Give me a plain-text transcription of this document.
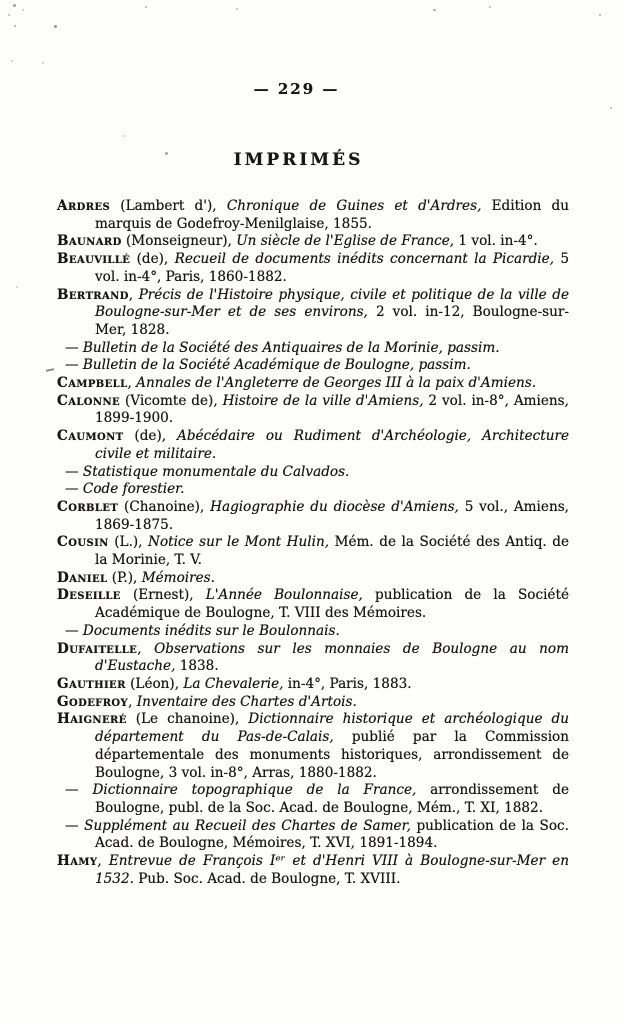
— 229 —
IMPRIMÉS

Ardres (Lambert d'), Chronique de Guines et d'Ardres, Edition du marquis de Godefroy-Menilglaise, 1855.

Baunard (Monseigneur), Un siècle de l'Eglise de France, 1 vol. in-4°.

Beauvillé (de), Recueil de documents inédits concernant la Picardie, 5 vol. in-4°, Paris, 1860-1882.

Bertrand, Précis de l'Histoire physique, civile et politique de la ville de Boulogne-sur-Mer et de ses environs, 2 vol. in-12, Boulogne-sur-Mer, 1828.

— Bulletin de la Société des Antiquaires de la Morinie, passim.

— Bulletin de la Société Académique de Boulogne, passim.

Campbell, Annales de l'Angleterre de Georges III à la paix d'Amiens.

Calonne (Vicomte de), Histoire de la ville d'Amiens, 2 vol. in-8°, Amiens, 1899-1900.

Caumont (de), Abécédaire ou Rudiment d'Archéologie, Architecture civile et militaire.

— Statistique monumentale du Calvados.

— Code forestier.

Corblet (Chanoine), Hagiographie du diocèse d'Amiens, 5 vol., Amiens, 1869-1875.

Cousin (L.), Notice sur le Mont Hulin, Mém. de la Société des Antiq. de la Morinie, T. V.

Daniel (P.), Mémoires.

Deseille (Ernest), L'Année Boulonnaise, publication de la Société Académique de Boulogne, T. VIII des Mémoires.

— Documents inédits sur le Boulonnais.

Dufaitelle, Observations sur les monnaies de Boulogne au nom d'Eustache, 1838.

Gauthier (Léon), La Chevalerie, in-4°, Paris, 1883.

Godefroy, Inventaire des Chartes d'Artois.

Haigneré (Le chanoine), Dictionnaire historique et archéologique du département du Pas-de-Calais, publié par la Commission départementale des monuments historiques, arrondissement de Boulogne, 3 vol. in-8°, Arras, 1880-1882.

— Dictionnaire topographique de la France, arrondissement de Boulogne, publ. de la Soc. Acad. de Boulogne, Mém., T. XI, 1882.

— Supplément au Recueil des Chartes de Samer, publication de la Soc. Acad. de Boulogne, Mémoires, T. XVI, 1891-1894.

Hamy, Entrevue de François Iᵉʳ et d'Henri VIII à Boulogne-sur-Mer en 1532. Pub. Soc. Acad. de Boulogne, T. XVIII.
